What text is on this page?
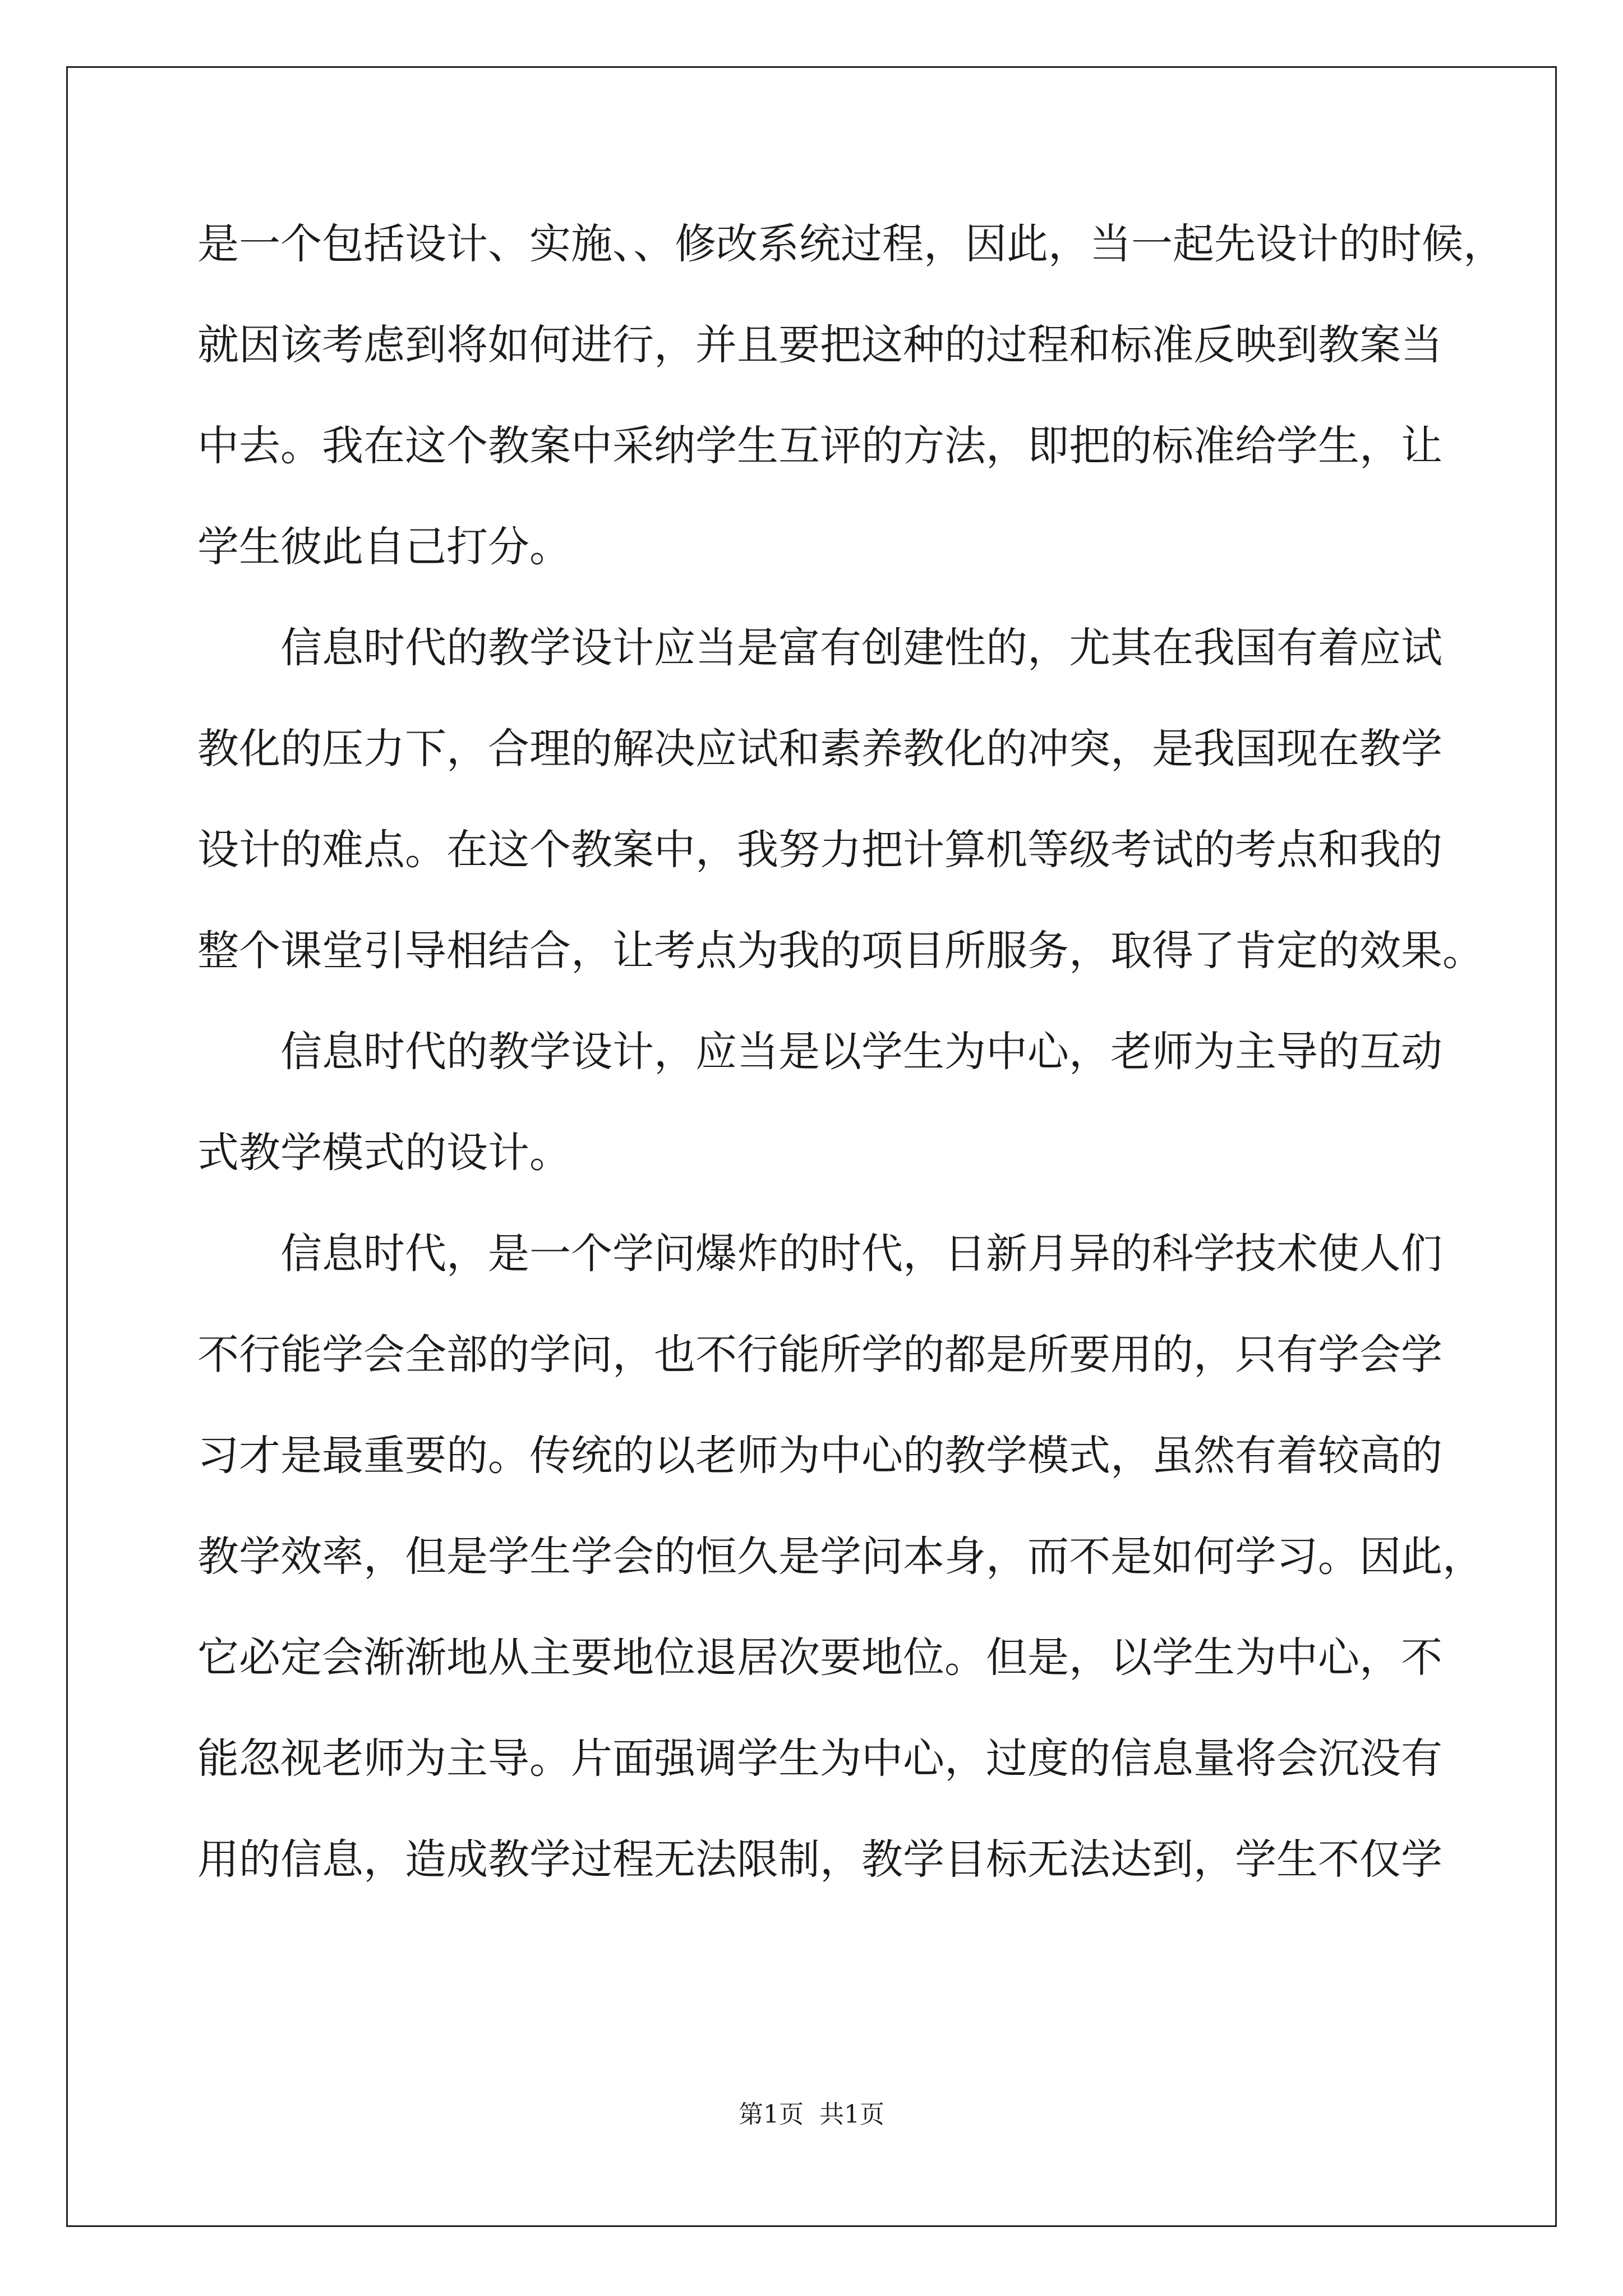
是一个包括设计、实施、、修改系统过程，因此，当一起先设计的时候，
就因该考虑到将如何进行，并且要把这种的过程和标准反映到教案当
中去。我在这个教案中采纳学生互评的方法，即把的标准给学生，让
学生彼此自己打分。
信息时代的教学设计应当是富有创建性的，尤其在我国有着应试
教化的压力下，合理的解决应试和素养教化的冲突，是我国现在教学
设计的难点。在这个教案中，我努力把计算机等级考试的考点和我的
整个课堂引导相结合，让考点为我的项目所服务，取得了肯定的效果。
信息时代的教学设计，应当是以学生为中心，老师为主导的互动
式教学模式的设计。
信息时代，是一个学问爆炸的时代，日新月异的科学技术使人们
不行能学会全部的学问，也不行能所学的都是所要用的，只有学会学
习才是最重要的。传统的以老师为中心的教学模式，虽然有着较高的
教学效率，但是学生学会的恒久是学问本身，而不是如何学习。因此，
它必定会渐渐地从主要地位退居次要地位。但是，以学生为中心，不
能忽视老师为主导。片面强调学生为中心，过度的信息量将会沉没有
用的信息，造成教学过程无法限制，教学目标无法达到，学生不仅学
第1页 共1页
